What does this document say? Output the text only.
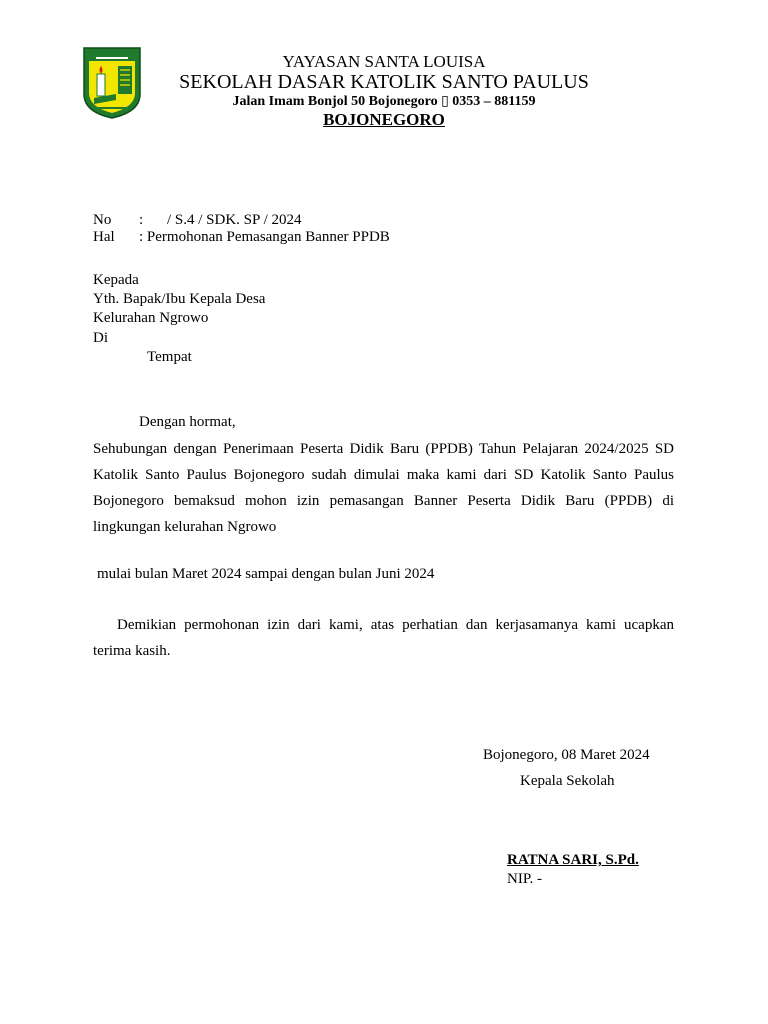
YAYASAN SANTA LOUISA
SEKOLAH DASAR KATOLIK SANTO PAULUS
Jalan Imam Bonjol 50 Bojonegoro ▯ 0353 – 881159
BOJONEGORO
No : / S.4 / SDK. SP / 2024
Hal : Permohonan Pemasangan Banner PPDB
Kepada
Yth. Bapak/Ibu Kepala Desa
Kelurahan Ngrowo
Di
Tempat
Dengan hormat,
Sehubungan dengan Penerimaan Peserta Didik Baru (PPDB) Tahun Pelajaran 2024/2025 SD
Katolik Santo Paulus Bojonegoro sudah dimulai maka kami dari SD Katolik Santo Paulus
Bojonegoro bemaksud mohon izin pemasangan Banner Peserta Didik Baru (PPDB) di
lingkungan kelurahan Ngrowo
mulai bulan Maret 2024 sampai dengan bulan Juni 2024
Demikian permohonan izin dari kami, atas perhatian dan kerjasamanya kami ucapkan
terima kasih.
Bojonegoro, 08 Maret 2024
Kepala Sekolah
RATNA SARI, S.Pd.
NIP. -
